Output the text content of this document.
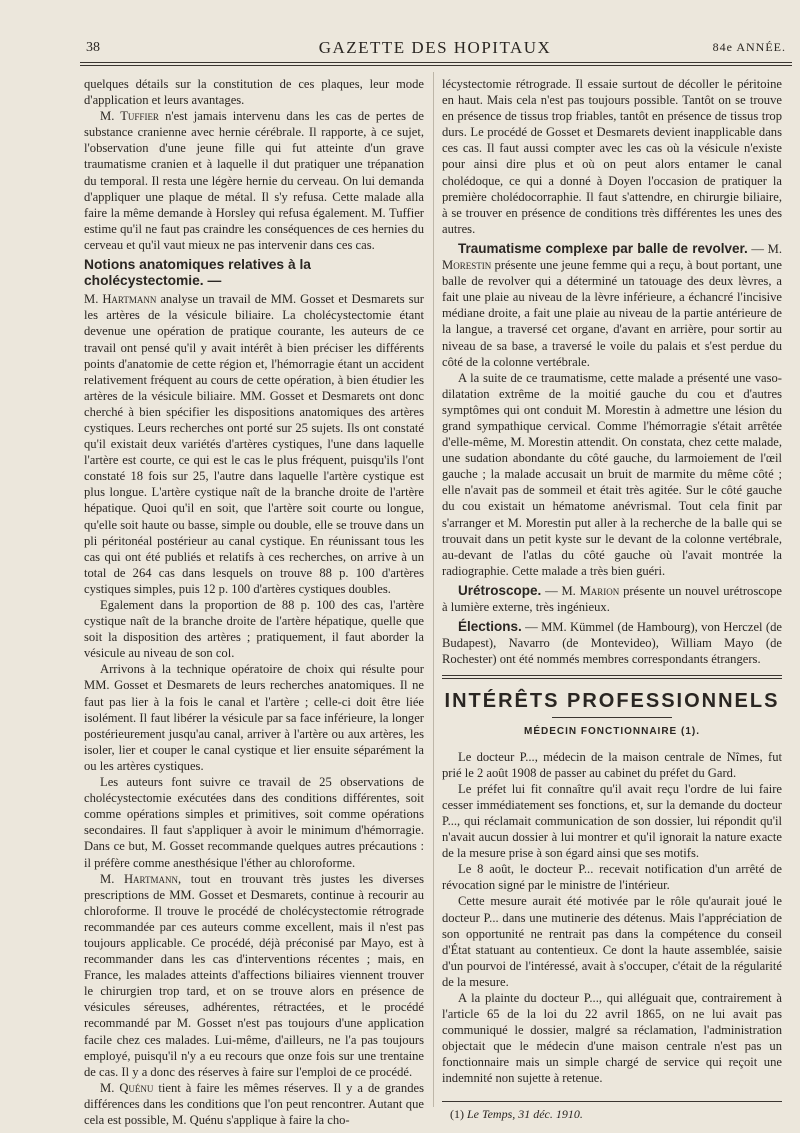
38	GAZETTE DES HOPITAUX	84e ANNÉE.

quelques détails sur la constitution de ces plaques, leur mode d'application et leurs avantages.

M. Tuffier n'est jamais intervenu dans les cas de pertes de substance cranienne avec hernie cérébrale. Il rapporte, à ce sujet, l'observation d'une jeune fille qui fut atteinte d'un grave traumatisme cranien et à laquelle il dut pratiquer une trépanation du temporal. Il resta une légère hernie du cerveau. On lui demanda d'appliquer une plaque de métal. Il s'y refusa. Cette malade alla faire la même demande à Horsley qui refusa également. M. Tuffier estime qu'il ne faut pas craindre les conséquences de ces hernies du cerveau et qu'il vaut mieux ne pas intervenir dans ces cas.

Notions anatomiques relatives à la cholécystectomie. —

M. Hartmann analyse un travail de MM. Gosset et Desmarets sur les artères de la vésicule biliaire. La cholécystectomie étant devenue une opération de pratique courante, les auteurs de ce travail ont pensé qu'il y avait intérêt à bien préciser les différents points d'anatomie de cette région et, l'hémorragie étant un accident relativement fréquent au cours de cette opération, à bien étudier les artères de la vésicule biliaire. MM. Gosset et Desmarets ont donc cherché à bien spécifier les dispositions anatomiques des artères cystiques. Leurs recherches ont porté sur 25 sujets. Ils ont constaté qu'il existait deux variétés d'artères cystiques, l'une dans laquelle l'artère est courte, ce qui est le cas le plus fréquent, puisqu'ils l'ont constaté 18 fois sur 25, l'autre dans laquelle l'artère cystique est plus longue. L'artère cystique naît de la branche droite de l'artère hépatique. Quoi qu'il en soit, que l'artère soit courte ou longue, qu'elle soit haute ou basse, simple ou double, elle se trouve dans un pli péritonéal postérieur au canal cystique. En réunissant tous les cas qui ont été publiés et relatifs à ces recherches, on arrive à un total de 264 cas dans lesquels on trouve 88 p. 100 d'artères cystiques simples, puis 12 p. 100 d'artères cystiques doubles.

Egalement dans la proportion de 88 p. 100 des cas, l'artère cystique naît de la branche droite de l'artère hépatique, quelle que soit la disposition des artères ; pratiquement, il faut aborder la vésicule au niveau de son col.

Arrivons à la technique opératoire de choix qui résulte pour MM. Gosset et Desmarets de leurs recherches anatomiques. Il ne faut pas lier à la fois le canal et l'artère ; celle-ci doit être liée isolément. Il faut libérer la vésicule par sa face inférieure, la longer postérieurement jusqu'au canal, arriver à l'artère ou aux artères, les isoler, lier et couper le canal cystique et lier ensuite séparément la ou les artères cystiques.

Les auteurs font suivre ce travail de 25 observations de cholécystectomie exécutées dans des conditions différentes, soit comme opérations simples et primitives, soit comme opérations secondaires. Il faut s'appliquer à avoir le minimum d'hémorragie. Dans ce but, M. Gosset recommande quelques autres précautions : il préfère comme anesthésique l'éther au chloroforme.

M. Hartmann, tout en trouvant très justes les diverses prescriptions de MM. Gosset et Desmarets, continue à recourir au chloroforme. Il trouve le procédé de cholécystectomie rétrograde recommandée par ces auteurs comme excellent, mais il n'est pas toujours applicable. Ce procédé, déjà préconisé par Mayo, est à recommander dans les cas d'interventions récentes ; mais, en France, les malades atteints d'affections biliaires viennent trouver le chirurgien trop tard, et on se trouve alors en présence de vésicules séreuses, adhérentes, rétractées, et le procédé recommandé par M. Gosset n'est pas toujours d'une application facile chez ces malades. Lui-même, d'ailleurs, ne l'a pas toujours employé, puisqu'il n'y a eu recours que onze fois sur une trentaine de cas. Il y a donc des réserves à faire sur l'emploi de ce procédé.

M. Quénu tient à faire les mêmes réserves. Il y a de grandes différences dans les conditions que l'on peut rencontrer. Autant que cela est possible, M. Quénu s'applique à faire la cho-

lécystectomie rétrograde. Il essaie surtout de décoller le péritoine en haut. Mais cela n'est pas toujours possible. Tantôt on se trouve en présence de tissus trop friables, tantôt en présence de tissus trop durs. Le procédé de Gosset et Desmarets devient inapplicable dans ces cas. Il faut aussi compter avec les cas où la vésicule n'existe pour ainsi dire plus et où on peut alors entamer le canal cholédoque, ce qui a donné à Doyen l'occasion de pratiquer la première cholédocorraphie. Il faut s'attendre, en chirurgie biliaire, à se trouver en présence de conditions très différentes les unes des autres.

Traumatisme complexe par balle de revolver. — M. Morestin présente une jeune femme qui a reçu, à bout portant, une balle de revolver qui a déterminé un tatouage des deux lèvres, a fait une plaie au niveau de la lèvre inférieure, a échancré l'incisive médiane droite, a fait une plaie au niveau de la partie antérieure de la langue, a traversé cet organe, d'avant en arrière, pour sortir au niveau de sa base, a traversé le voile du palais et s'est perdue du côté de la colonne vertébrale.

A la suite de ce traumatisme, cette malade a présenté une vaso-dilatation extrême de la moitié gauche du cou et d'autres symptômes qui ont conduit M. Morestin à admettre une lésion du grand sympathique cervical. Comme l'hémorragie s'était arrêtée d'elle-même, M. Morestin attendit. On constata, chez cette malade, une sudation abondante du côté gauche, du larmoiement de l'œil gauche ; la malade accusait un bruit de marmite du même côté ; elle n'avait pas de sommeil et était très agitée. Sur le côté gauche du cou existait un hématome anévrismal. Tout cela finit par s'arranger et M. Morestin put aller à la recherche de la balle qui se trouvait dans un petit kyste sur le devant de la colonne vertébrale, au-devant de l'atlas du côté gauche où l'avait montrée la radiographie. Cette malade a très bien guéri.

Urétroscope. — M. Marion présente un nouvel urétroscope à lumière externe, très ingénieux.

Élections. — MM. Kümmel (de Hambourg), von Herczel (de Budapest), Navarro (de Montevideo), William Mayo (de Rochester) ont été nommés membres correspondants étrangers.

INTÉRÊTS PROFESSIONNELS
MÉDECIN FONCTIONNAIRE (1).

Le docteur P..., médecin de la maison centrale de Nîmes, fut prié le 2 août 1908 de passer au cabinet du préfet du Gard.

Le préfet lui fit connaître qu'il avait reçu l'ordre de lui faire cesser immédiatement ses fonctions, et, sur la demande du docteur P..., qui réclamait communication de son dossier, lui répondit qu'il n'avait aucun dossier à lui montrer et qu'il ignorait la nature exacte de la mesure prise à son égard ainsi que ses motifs.

Le 8 août, le docteur P... recevait notification d'un arrêté de révocation signé par le ministre de l'intérieur.

Cette mesure aurait été motivée par le rôle qu'aurait joué le docteur P... dans une mutinerie des détenus. Mais l'appréciation de son opportunité ne rentrait pas dans la compétence du conseil d'État statuant au contentieux. Ce dont la haute assemblée, saisie d'un pourvoi de l'intéressé, avait à s'occuper, c'était de la régularité de la mesure.

A la plainte du docteur P..., qui alléguait que, contrairement à l'article 65 de la loi du 22 avril 1865, on ne lui avait pas communiqué le dossier, malgré sa réclamation, l'administration objectait que le médecin d'une maison centrale n'est pas un fonctionnaire mais un simple chargé de service qui reçoit une indemnité non sujette à retenue.

(1) Le Temps, 31 déc. 1910.
